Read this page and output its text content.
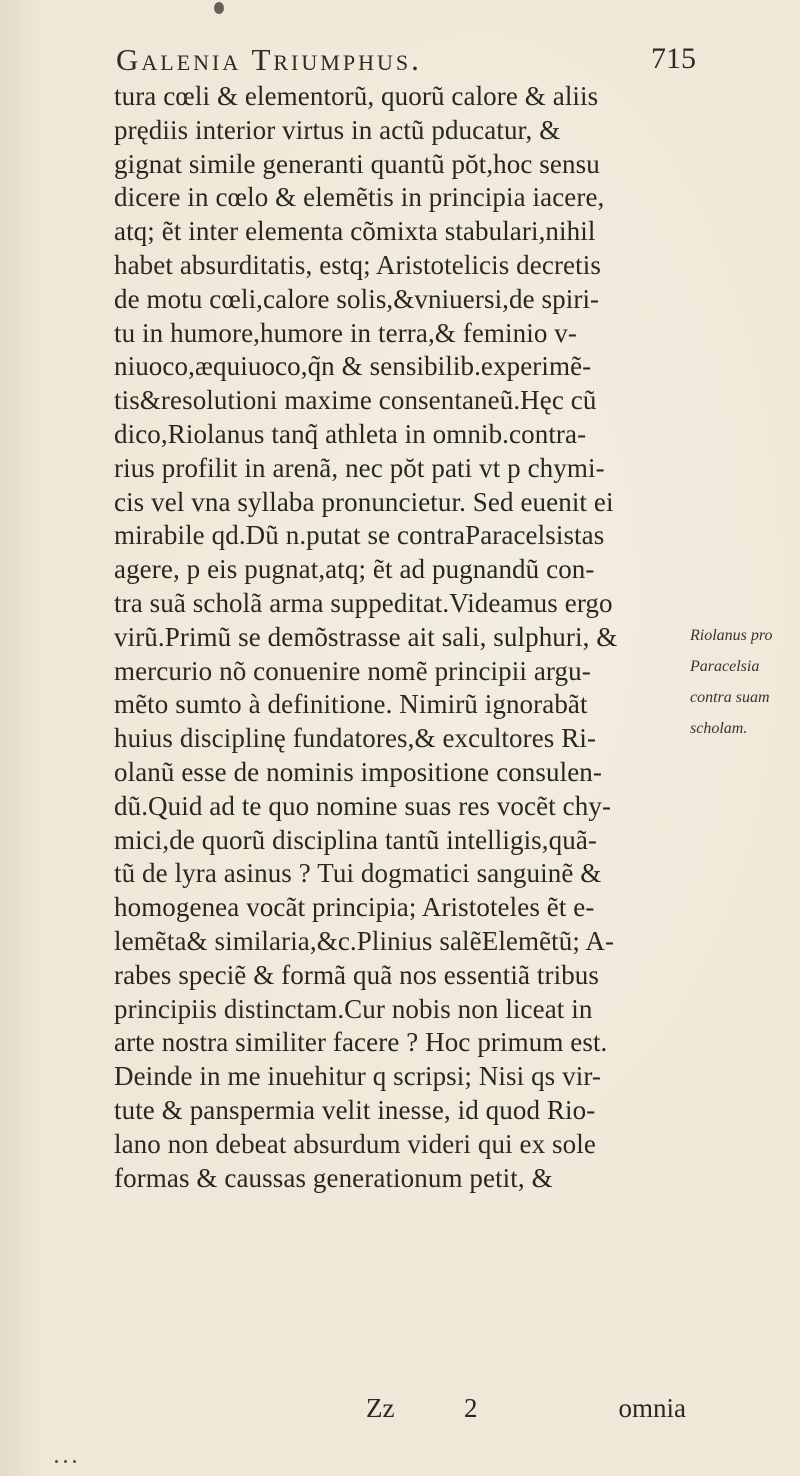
Galenia Triumphus.	715
tura cœli & elementorũ, quorũ calore & aliis
prędiis interior virtus in actũ pducatur, &
gignat simile generanti quantũ pŏt,hoc sensu
dicere in cœlo & elemẽtis in principia iacere,
atq; ẽt inter elementa cõmixta stabulari,nihil
habet absurditatis, estq; Aristotelicis decretis
de motu cœli,calore solis,&vniuersi,de spiri-
tu in humore,humore in terra,& feminio v-
niuoco,æquiuoco,q̃n & sensibilib.experimẽ-
tis&resolutioni maxime consentaneũ.Hęc cũ
dico,Riolanus tanq̃ athleta in omnib.contra-
rius profilit in arenã, nec pŏt pati vt p chymi-
cis vel vna syllaba pronuncietur. Sed euenit ei
mirabile qd.Dũ n.putat se contraParacelsistas
agere, p eis pugnat,atq; ẽt ad pugnandũ con-
tra suã scholã arma suppeditat.Videamus ergo
virũ.Primũ se demõstrasse ait sali, sulphuri, &
mercurio nõ conuenire nomẽ principii argu-
mẽto sumto à definitione. Nimirũ ignorabãt
huius disciplinę fundatores,& excultores Ri-
olanũ esse de nominis impositione consulen-
dũ.Quid ad te quo nomine suas res vocẽt chy-
mici,de quorũ disciplina tantũ intelligis,quã-
tũ de lyra asinus ? Tui dogmatici sanguinẽ &
homogenea vocãt principia; Aristoteles ẽt e-
lemẽta& similaria,&c.Plinius salẽElemẽtũ; A-
rabes speciẽ & formã quã nos essentiã tribus
principiis distinctam.Cur nobis non liceat in
arte nostra similiter facere ? Hoc primum est.
Deinde in me inuehitur q scripsi; Nisi qs vir-
tute & panspermia velit inesse, id quod Rio-
lano non debeat absurdum videri qui ex sole
formas & caussas generationum petit, &
Riolanus pro
Paracelsia
contra suam
scholam.
Zz	2	omnia
